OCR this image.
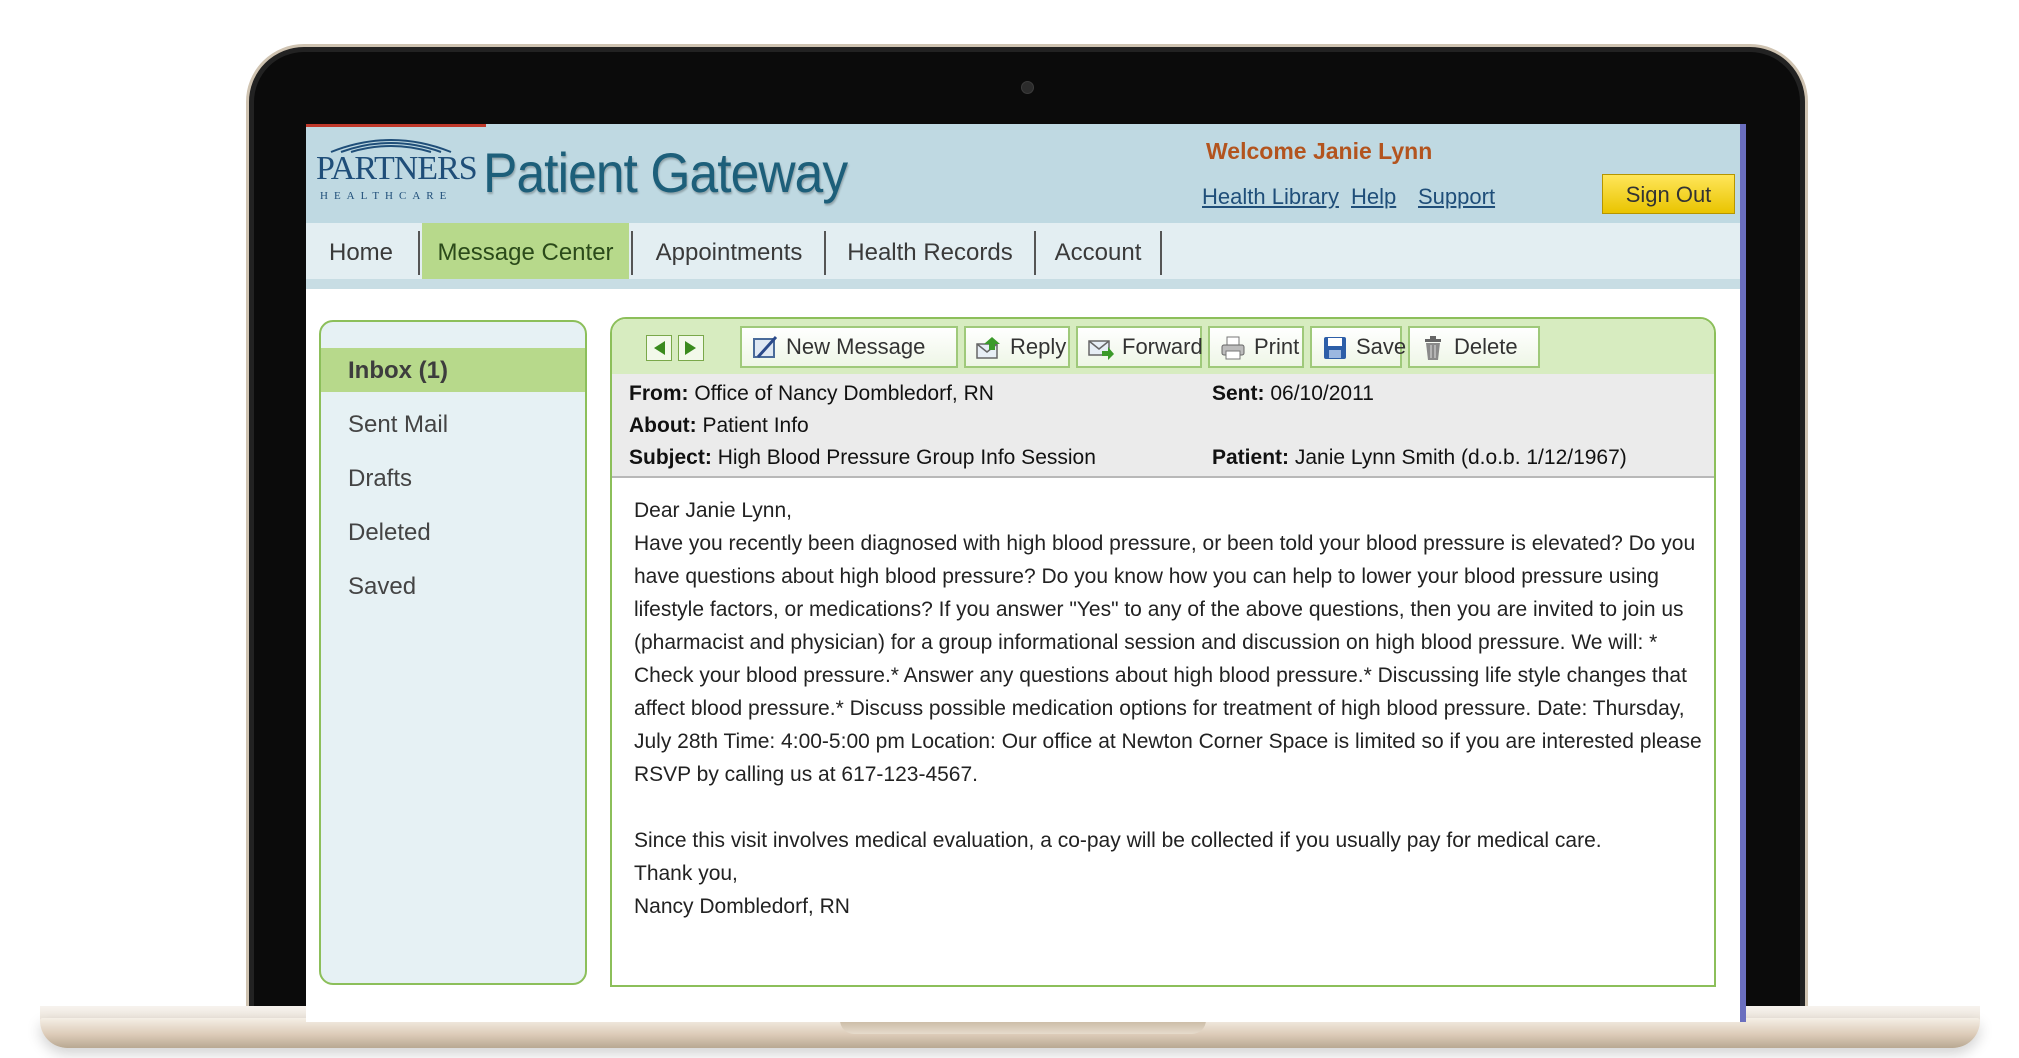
PARTNERS
HEALTHCARE Patient Gateway	Welcome Janie Lynn
Health Library Help Support	Sign Out
Home	Message Center	Appointments	Health Records	Account
Inbox (1)
Sent Mail
Drafts
Deleted
Saved
New Message	Reply	Forward Print	Save Delete
From: Office of Nancy Dombledorf, RN	Sent: 06/10/2011
About: Patient Info
Subject: High Blood Pressure Group Info Session	Patient: Janie Lynn Smith (d.o.b. 1/12/1967)

Dear Janie Lynn,

Have you recently been diagnosed with high blood pressure, or been told your blood pressure is elevated? Do you have questions about high blood pressure? Do you know how you can help to lower your blood pressure using lifestyle factors, or medications? If you answer "Yes" to any of the above questions, then you are invited to join us (pharmacist and physician) for a group informational session and discussion on high blood pressure. We will: * Check your blood pressure.* Answer any questions about high blood pressure.* Discussing life style changes that affect blood pressure.* Discuss possible medication options for treatment of high blood pressure. Date: Thursday, July 28th Time: 4:00-5:00 pm Location: Our office at Newton Corner Space is limited so if you are interested please RSVP by calling us at 617-123-4567.

Since this visit involves medical evaluation, a co-pay will be collected if you usually pay for medical care.

Thank you,

Nancy Dombledorf, RN
